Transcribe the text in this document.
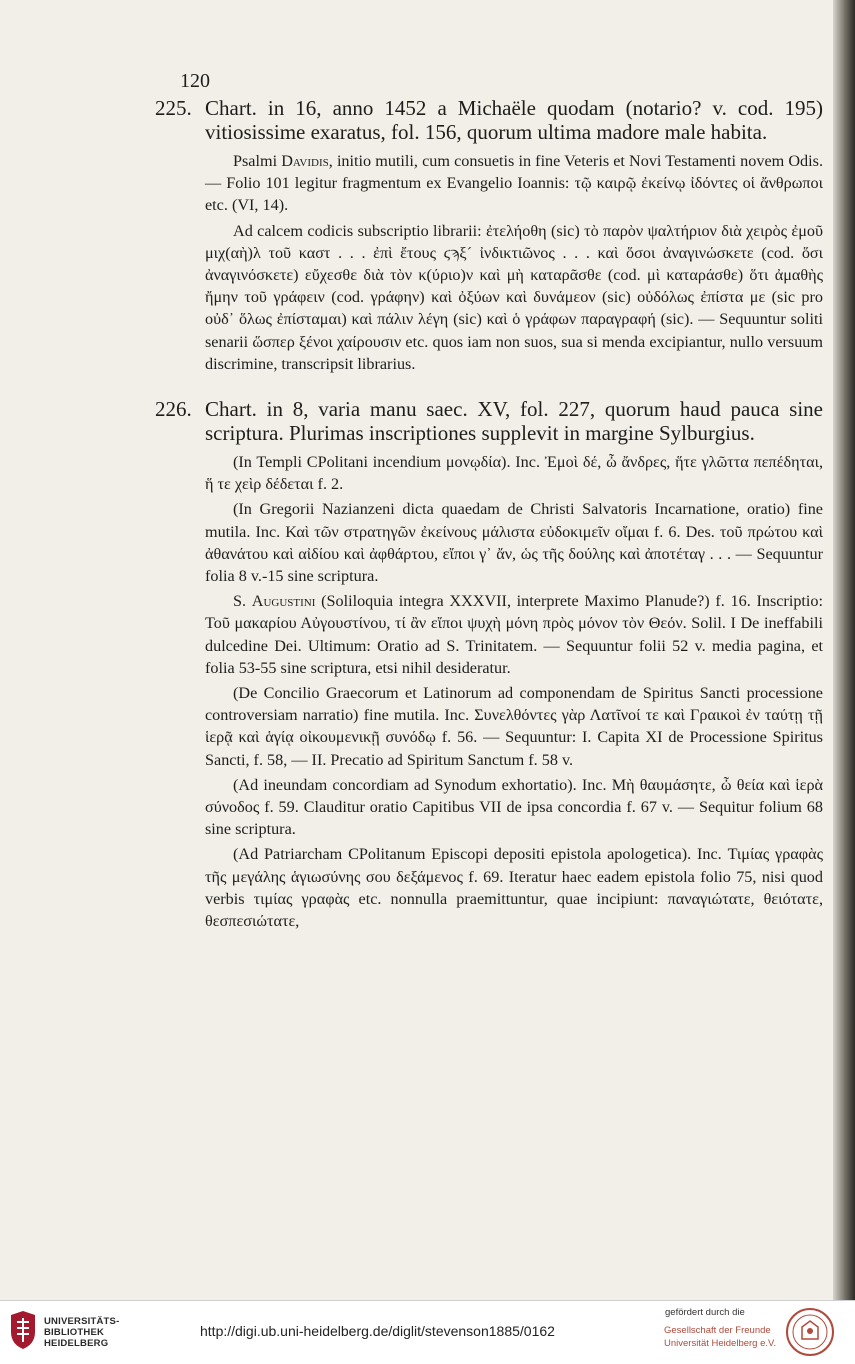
120
225. Chart. in 16, anno 1452 a Michaële quodam (notario? v. cod. 195) vitiosissime exaratus, fol. 156, quorum ultima madore male habita.
Psalmi Davidis, initio mutili, cum consuetis in fine Veteris et Novi Testamenti novem Odis. — Folio 101 legitur fragmentum ex Evangelio Ioannis: τῷ καιρῷ ἐκείνῳ ἰδόντες οἱ ἄνθρωποι etc. (VI, 14).
Ad calcem codicis subscriptio librarii: ἐτελήοθη (sic) τὸ παρὸν ψαλτήριον διὰ χειρὸς ἐμοῦ μιχ(αὴ)λ τοῦ καστ . . . ἐπὶ ἔτους ϛϡξ´ ἰνδικτιῶνος . . . καὶ ὅσοι ἀναγινώσκετε (cod. ὅσι ἀναγινόσκετε) εὔχεσθε διὰ τὸν κ(ύριο)ν καὶ μὴ καταρᾶσθε (cod. μὶ καταράσθε) ὅτι ἀμαθὴς ἤμην τοῦ γράφειν (cod. γράφην) καὶ ὀξύων καὶ δυνάμεον (sic) οὐδόλως ἐπίστα με (sic pro οὐδ᾽ ὅλως ἐπίσταμαι) καὶ πάλιν λέγη (sic) καὶ ὁ γράφων παραγραφή (sic). — Sequuntur soliti senarii ὥσπερ ξένοι χαίρουσιν etc. quos iam non suos, sua si menda excipiantur, nullo versuum discrimine, transcripsit librarius.
226. Chart. in 8, varia manu saec. XV, fol. 227, quorum haud pauca sine scriptura. Plurimas inscriptiones supplevit in margine Sylburgius.
(In Templi CPolitani incendium μονῳδία). Inc. Ἐμοὶ δέ, ὦ ἄνδρες, ἥτε γλῶττα πεπέδηται, ἥ τε χεὶρ δέδεται f. 2.
(In Gregorii Nazianzeni dicta quaedam de Christi Salvatoris Incarnatione, oratio) fine mutila. Inc. Καὶ τῶν στρατηγῶν ἐκείνους μάλιστα εὐδοκιμεῖν οἴμαι f. 6. Des. τοῦ πρώτου καὶ ἀθανάτου καὶ αἰδίου καὶ ἀφθάρτου, εἴποι γ᾽ ἄν, ὡς τῆς δούλης καὶ ἀποτέταγ . . . — Sequuntur folia 8 v.-15 sine scriptura.
S. Augustini (Soliloquia integra XXXVII, interprete Maximo Planude?) f. 16. Inscriptio: Τοῦ μακαρίου Αὐγουστίνου, τί ἂν εἴποι ψυχὴ μόνη πρὸς μόνον τὸν Θεόν. Solil. I De ineffabili dulcedine Dei. Ultimum: Oratio ad S. Trinitatem. — Sequuntur folii 52 v. media pagina, et folia 53-55 sine scriptura, etsi nihil desideratur.
(De Concilio Graecorum et Latinorum ad componendam de Spiritus Sancti processione controversiam narratio) fine mutila. Inc. Συνελθόντες γὰρ Λατῖνοί τε καὶ Γραικοὶ ἐν ταύτῃ τῇ ἱερᾷ καὶ ἁγίᾳ οἰκουμενικῇ συνόδῳ f. 56. — Sequuntur: I. Capita XI de Processione Spiritus Sancti, f. 58, — II. Precatio ad Spiritum Sanctum f. 58 v.
(Ad ineundam concordiam ad Synodum exhortatio). Inc. Μὴ θαυμάσητε, ὦ θεία καὶ ἱερὰ σύνοδος f. 59. Clauditur oratio Capitibus VII de ipsa concordia f. 67 v. — Sequitur folium 68 sine scriptura.
(Ad Patriarcham CPolitanum Episcopi depositi epistola apologetica). Inc. Τιμίας γραφὰς τῆς μεγάλης ἁγιωσύνης σου δεξάμενος f. 69. Iteratur haec eadem epistola folio 75, nisi quod verbis τιμίας γραφὰς etc. nonnulla praemittuntur, quae incipiunt: παναγιώτατε, θειότατε, θεσπεσιώτατε,
UNIVERSITÄTS-
BIBLIOTHEK
HEIDELBERG
http://digi.ub.uni-heidelberg.de/diglit/stevenson1885/0162
gefördert durch die
Gesellschaft der Freunde
Universität Heidelberg e.V.
